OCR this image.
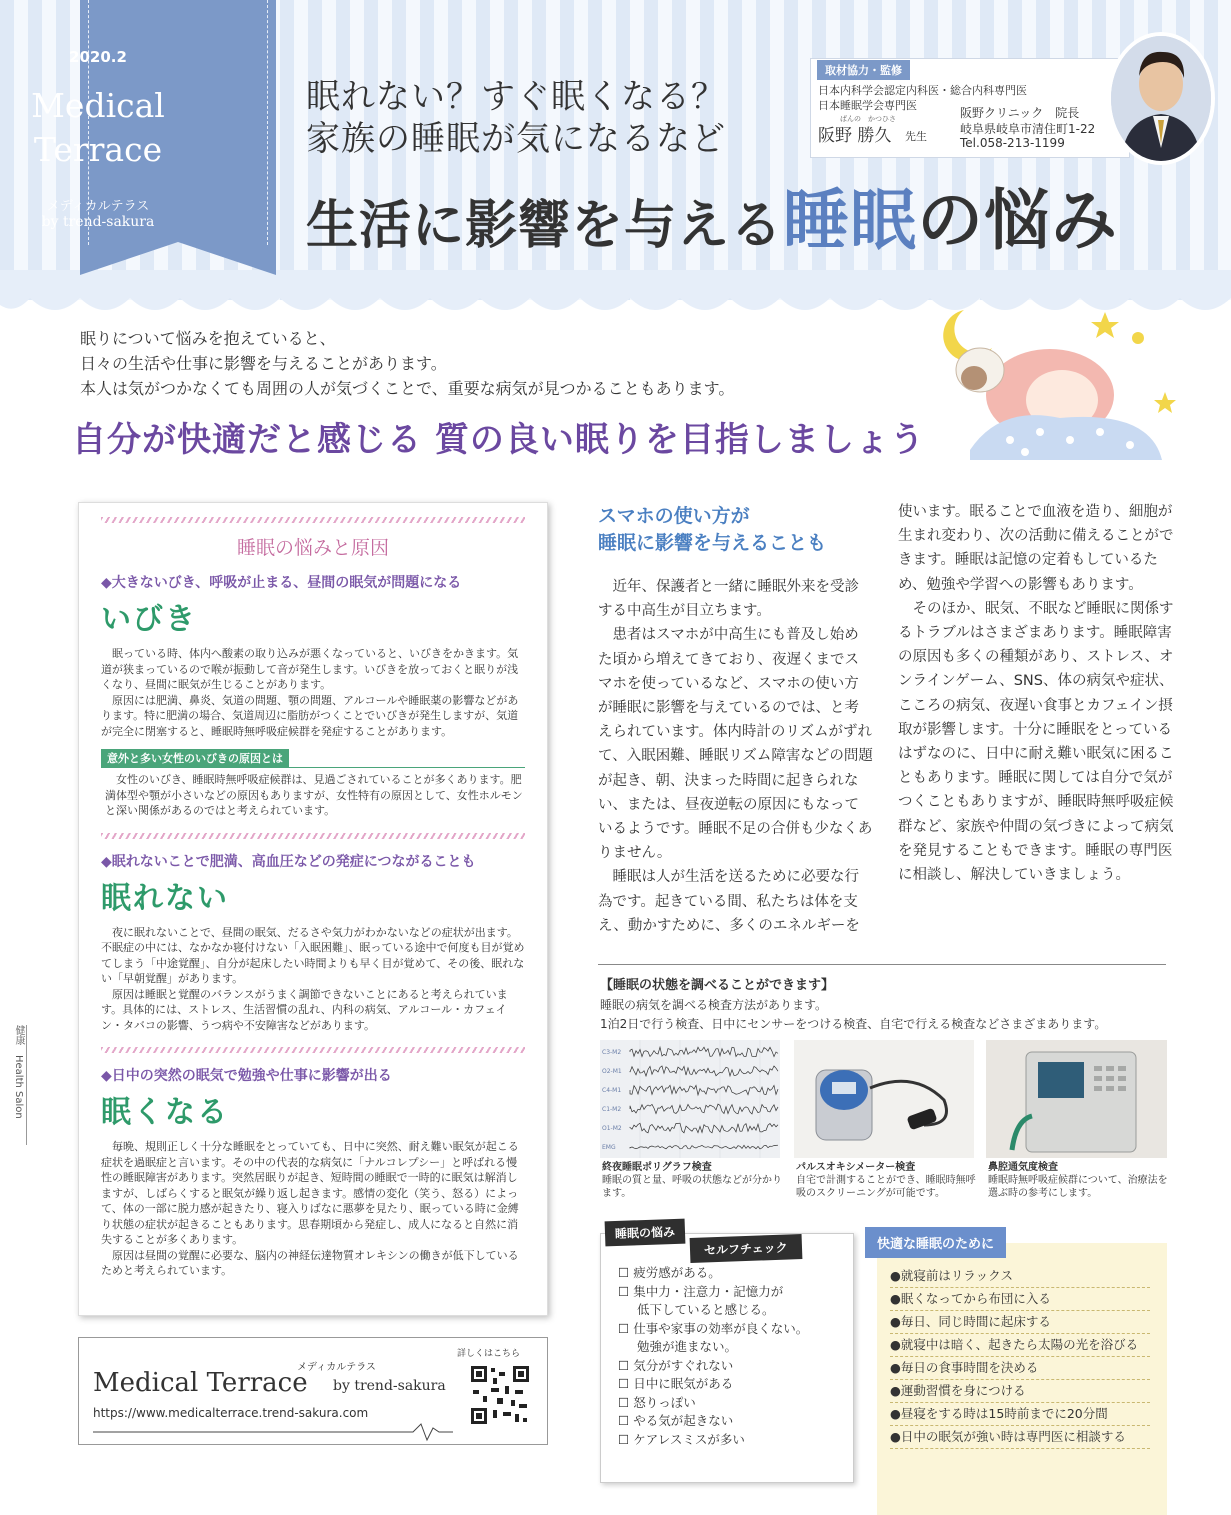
2020.2
Medical
Terrace
メディカルテラス
by trend-sakura
眠れない？すぐ眠くなる？
家族の睡眠が気になるなど
生活に影響を与える睡眠の悩み
取材協力・監修
日本内科学会認定内科医・総合内科専門医
日本睡眠学会専門医
ばんの　かつひさ
阪野 勝久 先生
阪野クリニック　院長
岐阜県岐阜市清住町1-22
Tel.058-213-1199
眠りについて悩みを抱えていると、
日々の生活や仕事に影響を与えることがあります。
本人は気がつかなくても周囲の人が気づくことで、重要な病気が見つかることもあります。
自分が快適だと感じる 質の良い眠りを目指しましょう
睡眠の悩みと原因
◆大きないびき、呼吸が止まる、昼間の眠気が問題になる
いびき
眠っている時、体内へ酸素の取り込みが悪くなっていると、いびきをかきます。気道が狭まっているので喉が振動して音が発生します。いびきを放っておくと眠りが浅くなり、昼間に眠気が生じることがあります。
原因には肥満、鼻炎、気道の問題、顎の問題、アルコールや睡眠薬の影響などがあります。特に肥満の場合、気道周辺に脂肪がつくことでいびきが発生しますが、気道が完全に閉塞すると、睡眠時無呼吸症候群を発症することがあります。
意外と多い女性のいびきの原因とは
女性のいびき、睡眠時無呼吸症候群は、見過ごされていることが多くあります。肥満体型や顎が小さいなどの原因もありますが、女性特有の原因として、女性ホルモンと深い関係があるのではと考えられています。
◆眠れないことで肥満、高血圧などの発症につながることも
眠れない
夜に眠れないことで、昼間の眠気、だるさや気力がわかないなどの症状が出ます。不眠症の中には、なかなか寝付けない「入眠困難」、眠っている途中で何度も目が覚めてしまう「中途覚醒」、自分が起床したい時間よりも早く目が覚めて、その後、眠れない「早朝覚醒」があります。
原因は睡眠と覚醒のバランスがうまく調節できないことにあると考えられています。具体的には、ストレス、生活習慣の乱れ、内科の病気、アルコール・カフェイン・タバコの影響、うつ病や不安障害などがあります。
◆日中の突然の眠気で勉強や仕事に影響が出る
眠くなる
毎晩、規則正しく十分な睡眠をとっていても、日中に突然、耐え難い眠気が起こる症状を過眠症と言います。その中の代表的な病気に「ナルコレプシー」と呼ばれる慢性の睡眠障害があります。突然居眠りが起き、短時間の睡眠で一時的に眠気は解消しますが、しばらくすると眠気が繰り返し起きます。感情の変化（笑う、怒る）によって、体の一部に脱力感が起きたり、寝入りばなに悪夢を見たり、眠っている時に金縛り状態の症状が起きることもあります。思春期頃から発症し、成人になると自然に消失することが多くあります。
原因は昼間の覚醒に必要な、脳内の神経伝達物質オレキシンの働きが低下しているためと考えられています。
メディカルテラス
Medical Terrace by trend-sakura
https://www.medicalterrace.trend-sakura.com
詳しくはこちら
健康　Health Salon
スマホの使い方が
睡眠に影響を与えることも

近年、保護者と一緒に睡眠外来を受診する中高生が目立ちます。

患者はスマホが中高生にも普及し始めた頃から増えてきており、夜遅くまでスマホを使っているなど、スマホの使い方が睡眠に影響を与えているのでは、と考えられています。体内時計のリズムがずれて、入眠困難、睡眠リズム障害などの問題が起き、朝、決まった時間に起きられない、または、昼夜逆転の原因にもなっているようです。睡眠不足の合併も少なくありません。

睡眠は人が生活を送るために必要な行為です。起きている間、私たちは体を支え、動かすために、多くのエネルギーを

使います。眠ることで血液を造り、細胞が生まれ変わり、次の活動に備えることができます。睡眠は記憶の定着もしているため、勉強や学習への影響もあります。

そのほか、眠気、不眠など睡眠に関係するトラブルはさまざまあります。睡眠障害の原因も多くの種類があり、ストレス、オンラインゲーム、SNS、体の病気や症状、こころの病気、夜遅い食事とカフェイン摂取が影響します。十分に睡眠をとっているはずなのに、日中に耐え難い眠気に困ることもあります。睡眠に関しては自分で気がつくこともありますが、睡眠時無呼吸症候群など、家族や仲間の気づきによって病気を発見することもできます。睡眠の専門医に相談し、解決していきましょう。

【睡眠の状態を調べることができます】
睡眠の病気を調べる検査方法があります。
1泊2日で行う検査、日中にセンサーをつける検査、自宅で行える検査などさまざまあります。
C3-M2
O2-M1
C4-M1
C1-M2
O1-M2
EMG
終夜睡眠ポリグラフ検査
睡眠の質と量、呼吸の状態などが分かります。
パルスオキシメーター検査
自宅で計測することができ、睡眠時無呼吸のスクリーニングが可能です。
鼻腔通気度検査
睡眠時無呼吸症候群について、治療法を選ぶ時の参考にします。
睡眠の悩み
セルフチェック
☐ 疲労感がある。
☐ 集中力・注意力・記憶力が
低下していると感じる。
☐ 仕事や家事の効率が良くない。
勉強が進まない。
☐ 気分がすぐれない
☐ 日中に眠気がある
☐ 怒りっぽい
☐ やる気が起きない
☐ ケアレスミスが多い
快適な睡眠のために
●就寝前はリラックス
●眠くなってから布団に入る
●毎日、同じ時間に起床する
●就寝中は暗く、起きたら太陽の光を浴びる
●毎日の食事時間を決める
●運動習慣を身につける
●昼寝をする時は15時前までに20分間
●日中の眠気が強い時は専門医に相談する
